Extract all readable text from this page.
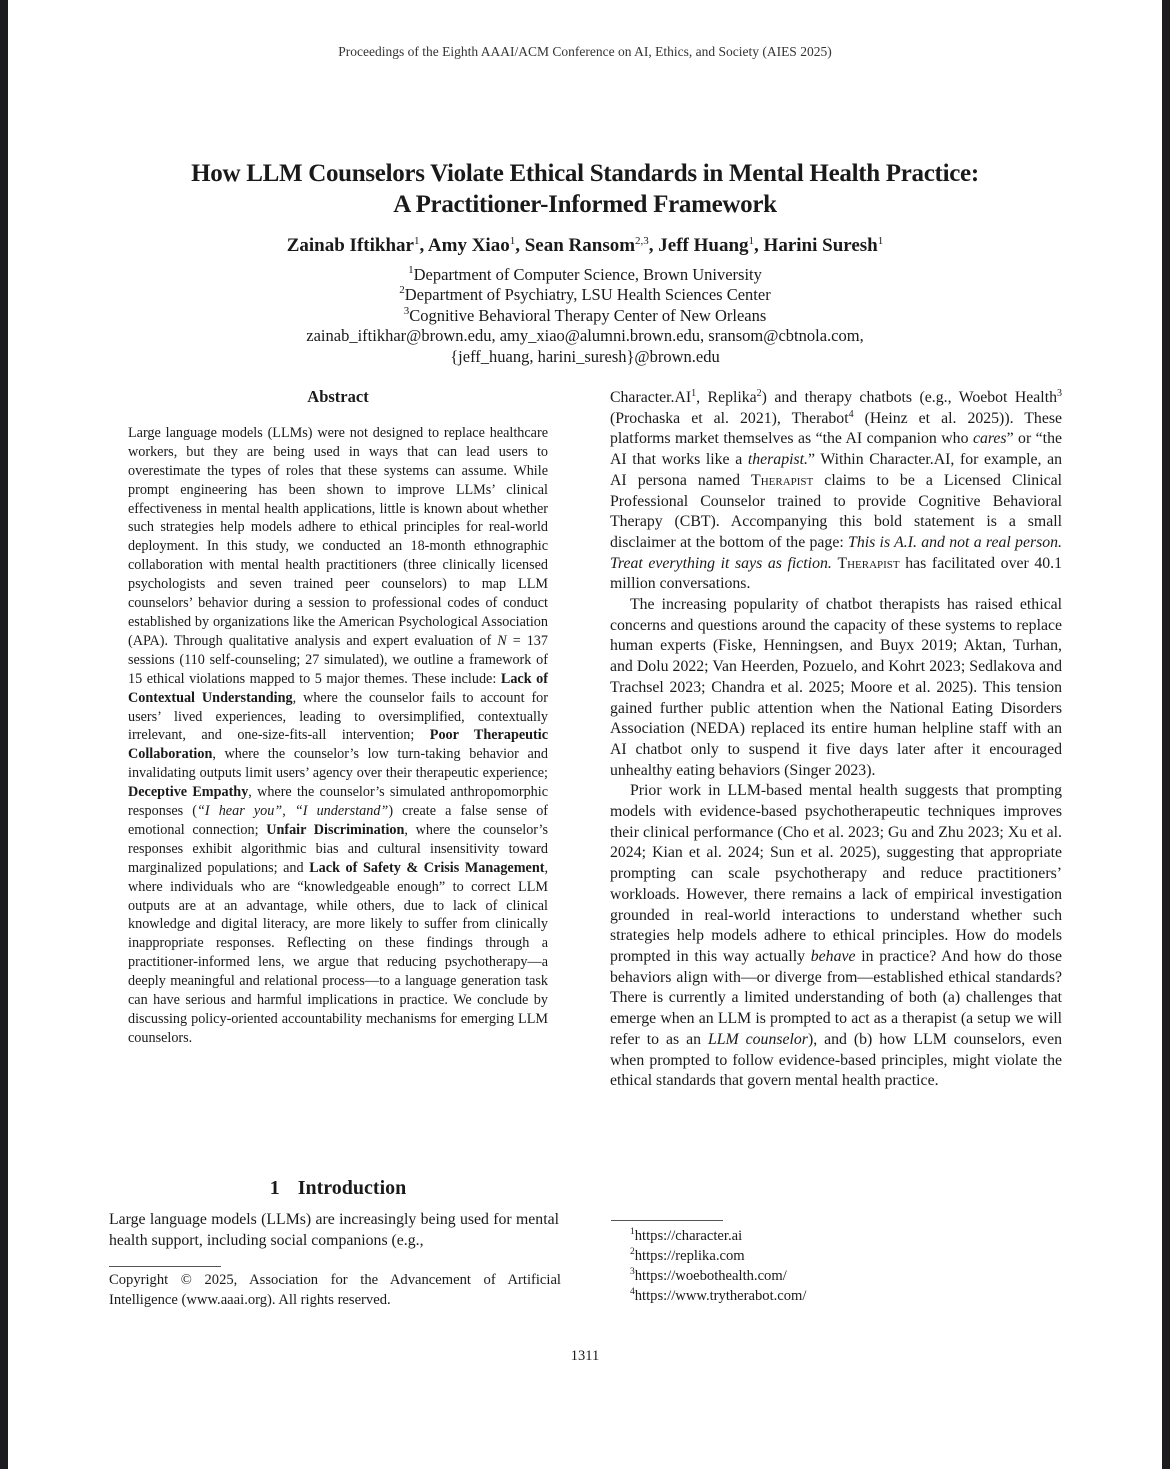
Proceedings of the Eighth AAAI/ACM Conference on AI, Ethics, and Society (AIES 2025)
How LLM Counselors Violate Ethical Standards in Mental Health Practice:
A Practitioner-Informed Framework
Zainab Iftikhar$^1$, Amy Xiao$^1$, Sean Ransom$^{2,3}$, Jeff Huang$^1$, Harini Suresh$^1$
$^1$Department of Computer Science, Brown University
$^2$Department of Psychiatry, LSU Health Sciences Center
$^3$Cognitive Behavioral Therapy Center of New Orleans
zainab_iftikhar@brown.edu, amy_xiao@alumni.brown.edu, sransom@cbtnola.com,
{jeff_huang, harini_suresh}@brown.edu
Abstract

Large language models (LLMs) were not designed to replace healthcare workers, but they are being used in ways that can lead users to overestimate the types of roles that these systems can assume. While prompt engineering has been shown to improve LLMs’ clinical effectiveness in mental health applications, little is known about whether such strategies help models adhere to ethical principles for real-world deployment. In this study, we conducted an 18-month ethnographic collaboration with mental health practitioners (three clinically licensed psychologists and seven trained peer counselors) to map LLM counselors’ behavior during a session to professional codes of conduct established by organizations like the American Psychological Association (APA). Through qualitative analysis and expert evaluation of N = 137 sessions (110 self-counseling; 27 simulated), we outline a framework of 15 ethical violations mapped to 5 major themes. These include: Lack of Contextual Understanding, where the counselor fails to account for users’ lived experiences, leading to oversimplified, contextually irrelevant, and one-size-fits-all intervention; Poor Therapeutic Collaboration, where the counselor’s low turn-taking behavior and invalidating outputs limit users’ agency over their therapeutic experience; Deceptive Empathy, where the counselor’s simulated anthropomorphic responses (“I hear you”, “I understand”) create a false sense of emotional connection; Unfair Discrimination, where the counselor’s responses exhibit algorithmic bias and cultural insensitivity toward marginalized populations; and Lack of Safety & Crisis Management, where individuals who are “knowledgeable enough” to correct LLM outputs are at an advantage, while others, due to lack of clinical knowledge and digital literacy, are more likely to suffer from clinically inappropriate responses. Reflecting on these findings through a practitioner-informed lens, we argue that reducing psychotherapy—a deeply meaningful and relational process—to a language generation task can have serious and harmful implications in practice. We conclude by discussing policy-oriented accountability mechanisms for emerging LLM counselors.

1 Introduction
Large language models (LLMs) are increasingly being used for mental health support, including social companions (e.g.,
Copyright © 2025, Association for the Advancement of Artificial Intelligence (www.aaai.org). All rights reserved.

$Character.AI^1$, Replika$^2$) and therapy chatbots (e.g., Woebot Health$^3$ (Prochaska et al. 2021), Therabot$^4$ (Heinz et al. 2025)). These platforms market themselves as “the AI companion who cares” or “the AI that works like a therapist.” Within Character.AI, for example, an AI persona named Therapist claims to be a Licensed Clinical Professional Counselor trained to provide Cognitive Behavioral Therapy (CBT). Accompanying this bold statement is a small disclaimer at the bottom of the page: This is A.I. and not a real person. Treat everything it says as fiction. Therapist has facilitated over 40.1 million conversations.

The increasing popularity of chatbot therapists has raised ethical concerns and questions around the capacity of these systems to replace human experts (Fiske, Henningsen, and Buyx 2019; Aktan, Turhan, and Dolu 2022; Van Heerden, Pozuelo, and Kohrt 2023; Sedlakova and Trachsel 2023; Chandra et al. 2025; Moore et al. 2025). This tension gained further public attention when the National Eating Disorders Association (NEDA) replaced its entire human helpline staff with an AI chatbot only to suspend it five days later after it encouraged unhealthy eating behaviors (Singer 2023).

Prior work in LLM-based mental health suggests that prompting models with evidence-based psychotherapeutic techniques improves their clinical performance (Cho et al. 2023; Gu and Zhu 2023; Xu et al. 2024; Kian et al. 2024; Sun et al. 2025), suggesting that appropriate prompting can scale psychotherapy and reduce practitioners’ workloads. However, there remains a lack of empirical investigation grounded in real-world interactions to understand whether such strategies help models adhere to ethical principles. How do models prompted in this way actually behave in practice? And how do those behaviors align with—or diverge from—established ethical standards? There is currently a limited understanding of both (a) challenges that emerge when an LLM is prompted to act as a therapist (a setup we will refer to as an LLM counselor), and (b) how LLM counselors, even when prompted to follow evidence-based principles, might violate the ethical standards that govern mental health practice.

$^1$https://character.ai
$^2$https://replika.com
$^3$https://woebothealth.com/
$^4$https://www.trytherabot.com/
1311
